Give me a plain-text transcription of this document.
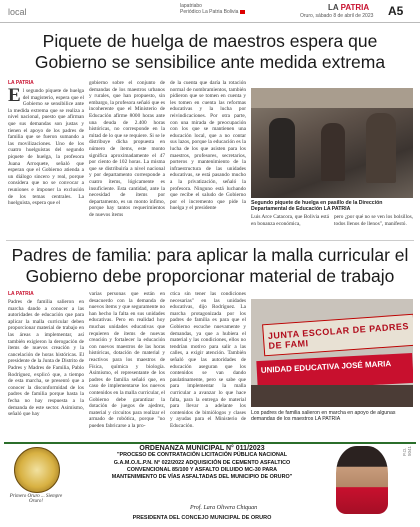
local
lapatriabo
Periódico La Patria Bolivia	LA PATRIA
Oruro, sábado 8 de abril de 2023 A5
Piquete de huelga de maestros espera que Gobierno se sensibilice ante medida extrema
LA PATRIA
El segundo piquete de huelga del magisterio, espera que el Gobierno se sensibilice ante la medida extrema que se realiza a nivel nacional, puesto que afirman que sus demandas son justas y tienen el apoyo de los padres de familia que se fueron sumando a las movilizaciones. Uno de los cuatro huelguistas del segundo piquete de huelga, la profesora Juana Arroquete, señaló que esperan que el Gobierno atienda a un diálogo sincero y real, porque considera que no se convocar a reuniones e imponer la exclusión de los temas centrales. La huelguista, espera que el
gobierno sobre el conjunto de demandas de los maestros urbanos y rurales, que han propuesto, sin embargo, la profesora señaló que es incoherente que el Ministerio de Educación afirme 8000 horas ante una deuda de 2.400 horas históricas, no corresponde en la mitad de lo que se requiere. Si se le distribuye dicha propuesta en número de ítems, este monto significa aproximadamente el 47 por ciento de 102 horas. La misma que se distribuiría a nivel nacional y por departamento corresponde a cuatro ítems, lógicamente es insuficiente. Esta cantidad, ante la necesidad de ítems por departamento, es un monto ínfimo, porque hay tantos requerimientos de nuevos ítems
de la cuenta que daría la rotación normal de nombramientos, también pidieron que se tomen en cuenta y les tomen en cuenta las reformas educativas y la lucha por reivindicaciones. Por otra parte, con una mirada de preocupación con los que se mantienen una educación local, que a no contar sus lazos, porque la educación es la lucha de los que asisten para los maestros, profesores, secretarios, porteros y mantenimiento de la infraestructura de las unidades educativas, se está pasando mucho a la privatización, señaló la profesora. Ninguno está luchando que recibe el saludo de Gobierno por el incremento que pide la huelga y el presidente
Segundo piquete de huelga en pasillo de la Dirección Departamental de Educación LA PATRIA
Luis Arce Catacora, que Bolivia está en bonanza económica,
pero ¿por qué no se ven los bolsillos, todos llenos de llenos", manifestó.
Padres de familia: para aplicar la malla curricular el Gobierno debe proporcionar material de trabajo
LA PATRIA
Padres de familia salieron en marcha dando a conocer a las autoridades de educación que para aplicar la malla curricular deben proporcionar material de trabajo en las áreas a implementar, así también exigieron la derogación de ítems de nuevos creación y la cancelación de horas históricas. El presidente de la Junta de Distrito de Padres y Madres de Familia, Pablo Rodríguez, explicó que, a tiempo de esta marcha, se presentó que a conocer la disconformidad de los padres de familia porque hasta la fecha no hay respuesta a la demanda de este sector. Asimismo, señaló que hay
varias personas que están en desacuerdo con la demanda de nuevos ítems y que seguramente no han hecho la falta en sus unidades educativas. Pero en realidad hoy muchas unidades educativas que requieren de ítems de nuevas creación y fortalecer la educación con nuevos maestros de las horas históricas, dotación de material y reactivos para los maestros de Física, química y biología. Asimismo, el representante de los padres de familia señaló que, en caso de implementarse los nuevos contenidos en la malla curricular, el Gobierno debe garantizar la dotación de juegos de ajedrez, material y circuitos para realizar el armado de robótica, porque "no pueden fabricarse a la pro-
ctica sin tener las condiciones necesarias" en las unidades educativas, dijo Rodríguez. La marcha protagonizada por los padres de familia es para que el Gobierno escuche nuevamente y demandas, ya que a hubiera el material y las condiciones, ellos no tendrían motivo para salir a las calles, a exigir atención. También señaló que las autoridades de educación aseguran que los contenidos se van dando paulatinamente, pero se sabe que para implementar la malla curricular a avanzar lo que hace falta, para la entrega de material para llevar a adelante los contenidos de bimiólogos y clases y ayudas para el Ministerio de Educación.
JUNTA ESCOLAR DE PADRES DE FAMI
UNIDAD EDUCATIVA JOSÉ MARIA
Los padres de familia salieron en marcha en apoyo de algunas demandas de los maestros LA PATRIA
Primero Oruro ... Siempre Oruro!
ORDENANZA MUNICIPAL N° 011/2023
"PROCESO DE CONTRATACIÓN LICITACIÓN PÚBLICA NACIONAL
G.A.M.O./L.P.N. N° 022/2022 ADQUISICIÓN DE CEMENTO ASFALTICO
CONVENCIONAL 85/100 Y ASFALTO DILUIDO MC-30 PARA
MANTENIMIENTO DE VÍAS ASFALTADAS DEL MUNICIPIO DE ORURO"
Prof. Lara Olivera Chiquan
PRESIDENTA DEL CONCEJO MUNICIPAL DE ORURO
P.O. 5041
